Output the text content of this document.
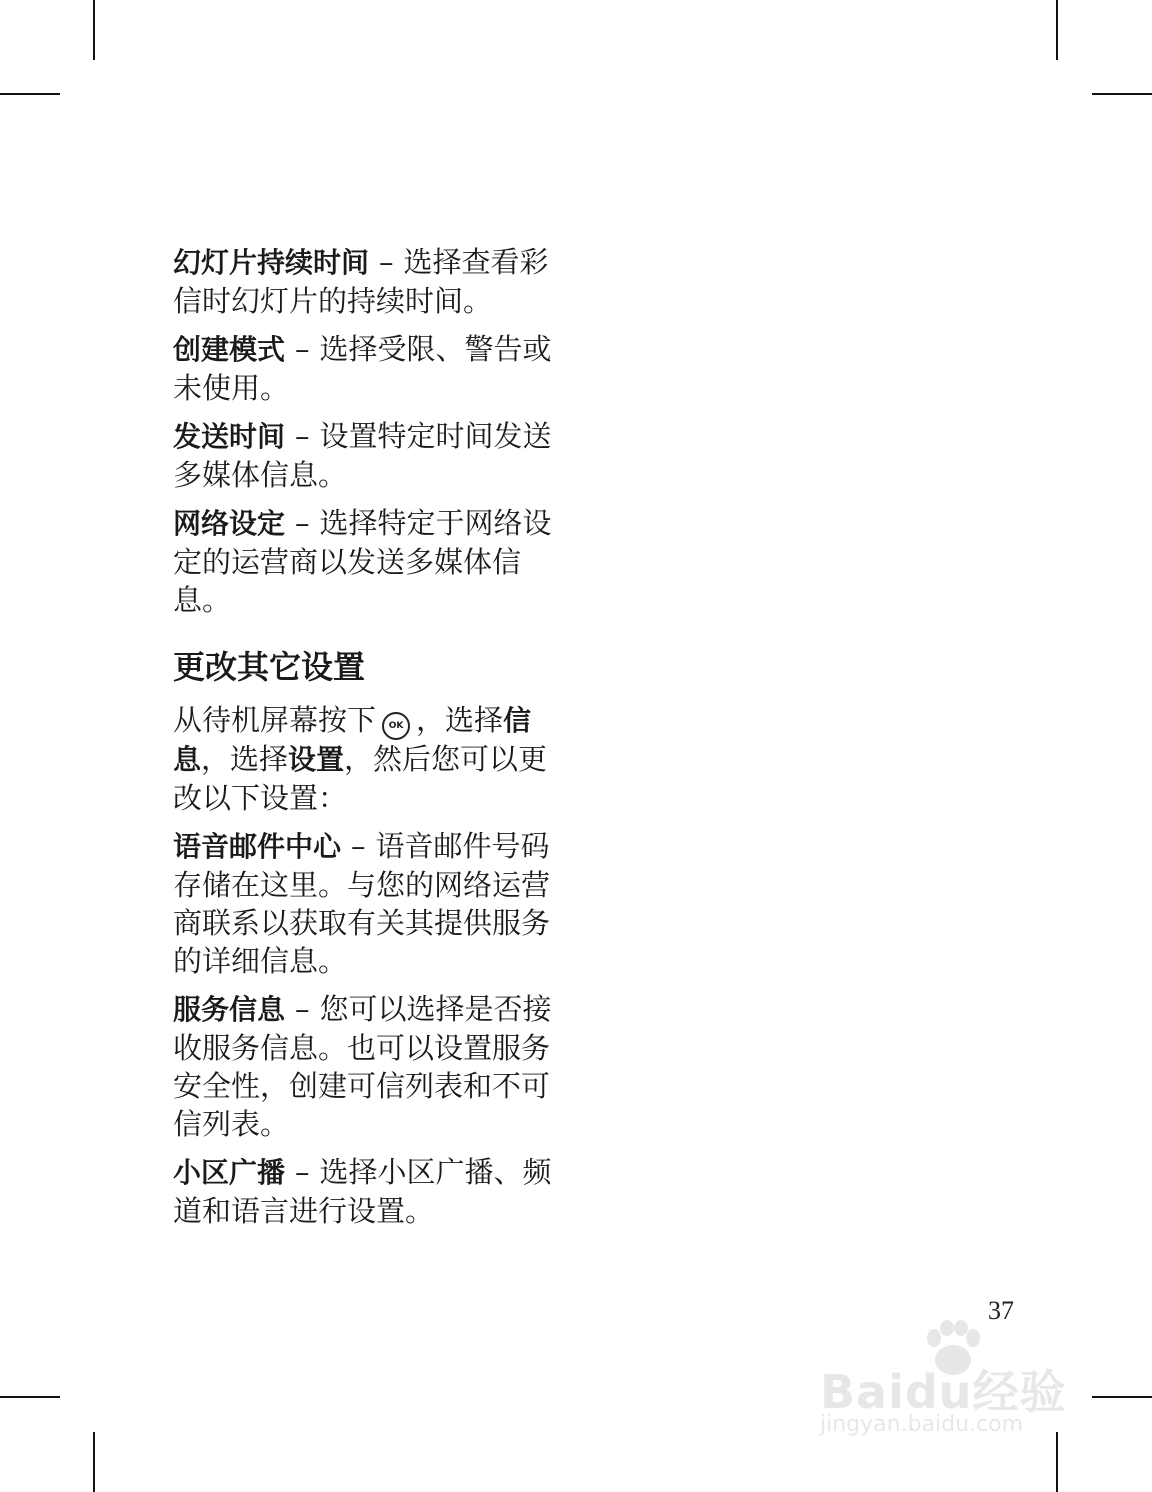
幻灯片持续时间 – 选择查看彩信时幻灯片的持续时间。

创建模式 – 选择受限、警告或未使用。

发送时间 – 设置特定时间发送多媒体信息。

网络设定 – 选择特定于网络设定的运营商以发送多媒体信息。

更改其它设置

从待机屏幕按下 OK ，选择信息，选择设置，然后您可以更改以下设置：

语音邮件中心 – 语音邮件号码存储在这里。与您的网络运营商联系以获取有关其提供服务的详细信息。

服务信息 – 您可以选择是否接收服务信息。也可以设置服务安全性，创建可信列表和不可信列表。

小区广播 – 选择小区广播、频道和语言进行设置。

37
Baidu经验
jingyan.baidu.com
